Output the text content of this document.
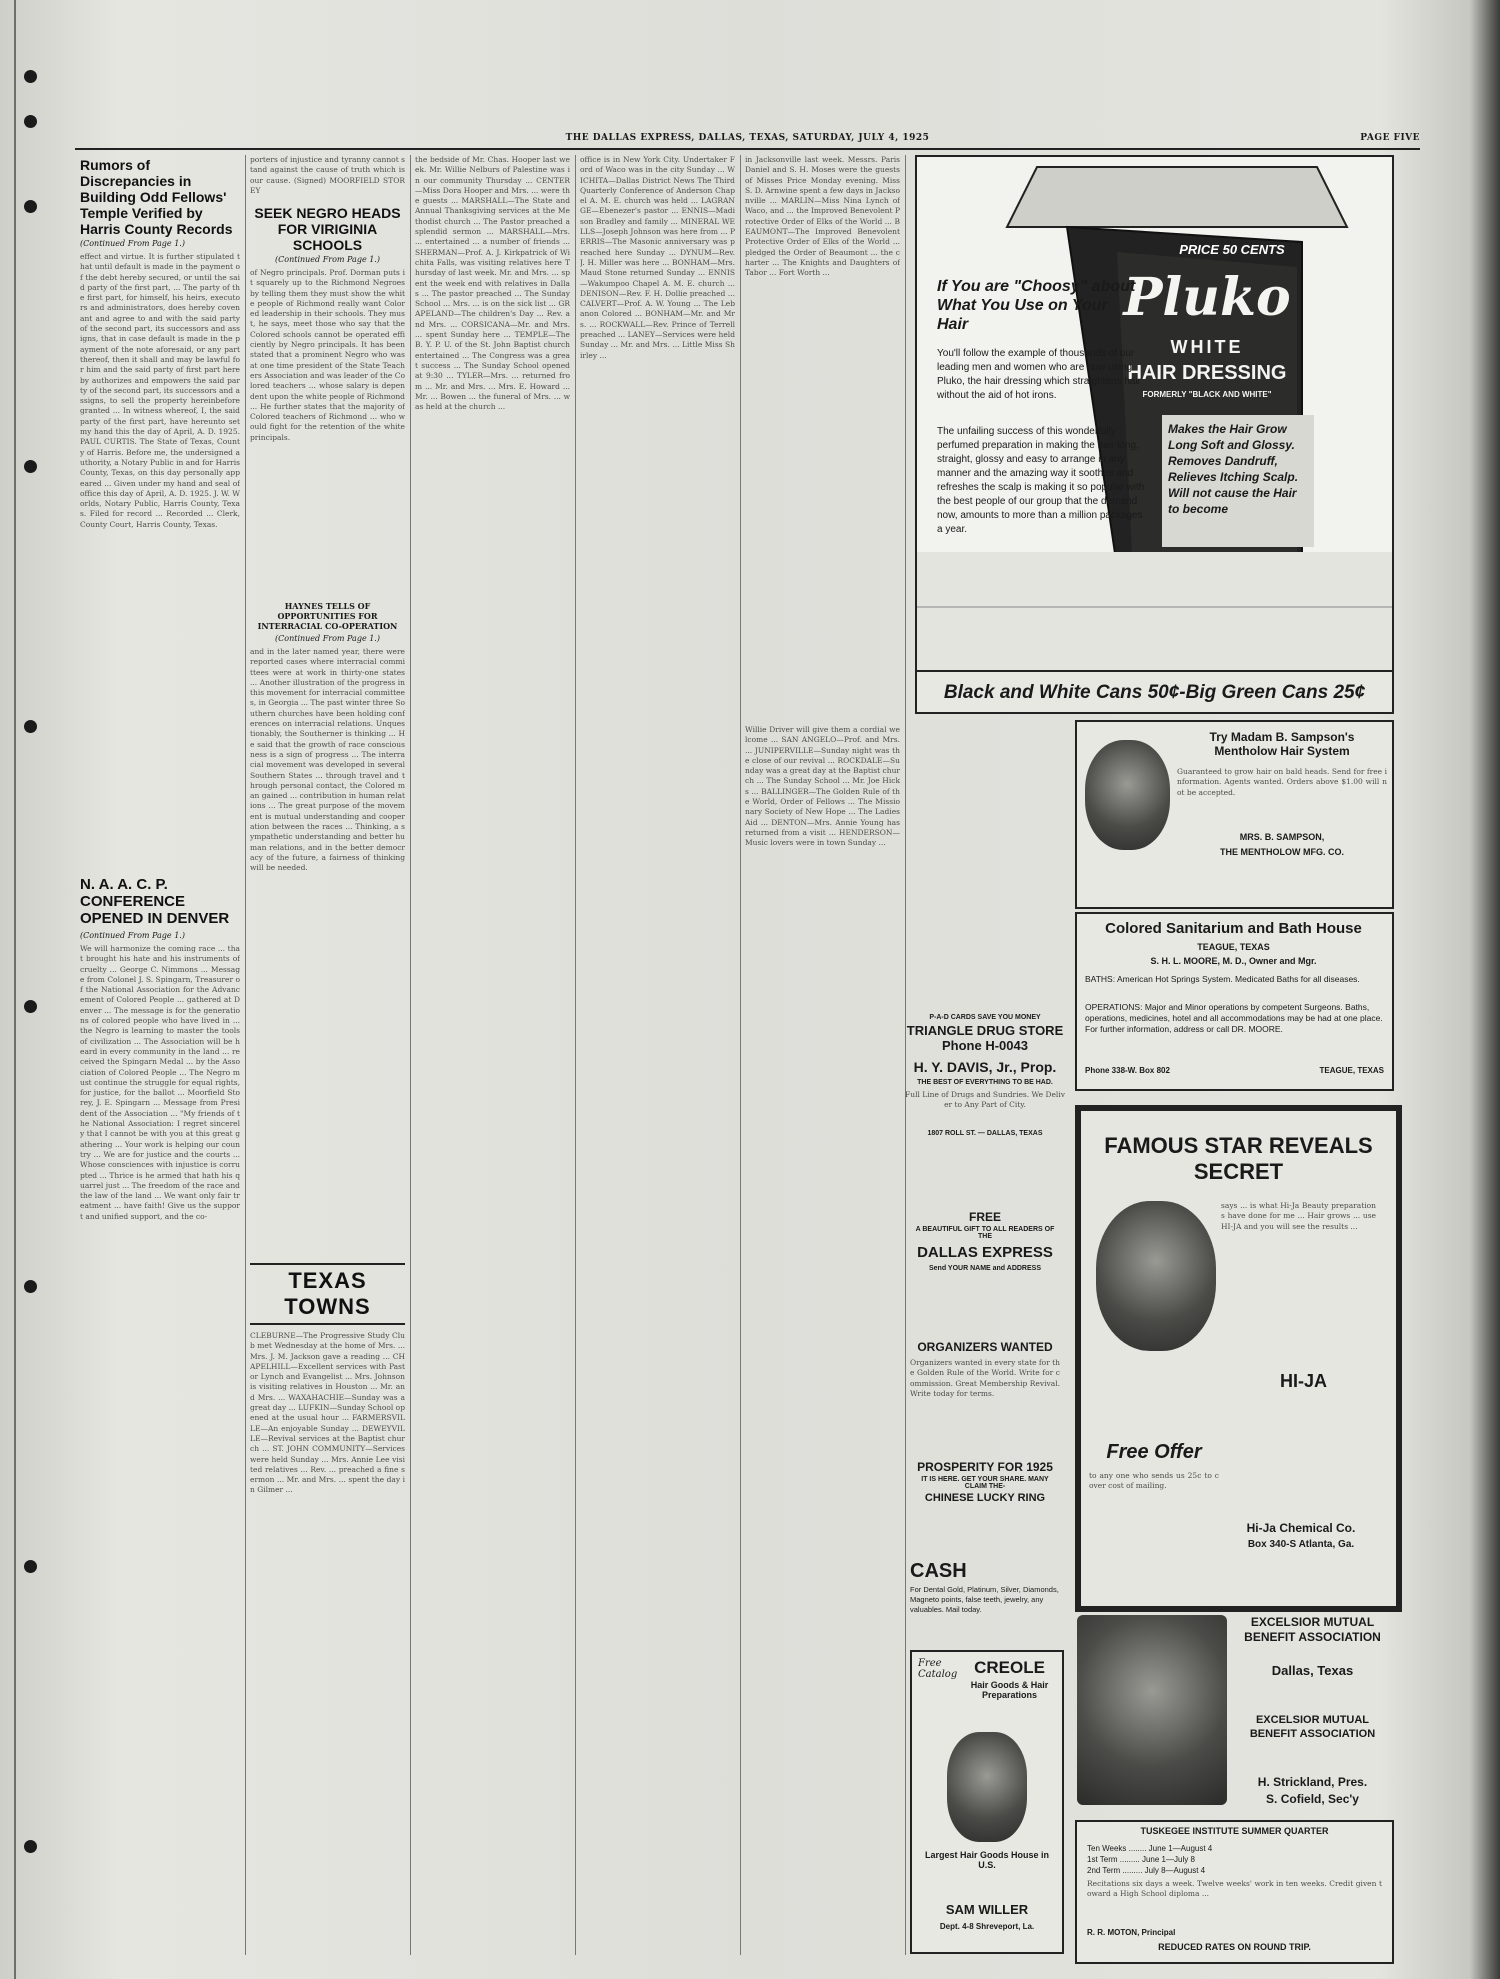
THE DALLAS EXPRESS, DALLAS, TEXAS, SATURDAY, JULY 4, 1925	PAGE FIVE
Rumors of Discrepancies in Building Odd Fellows' Temple Verified by Harris County Records
(Continued From Page 1.)
effect and virtue. It is further stipulated that until default is made in the payment of the debt hereby secured, or until the said party of the first part, ... The party of the first part, for himself, his heirs, executors and administrators, does hereby covenant and agree to and with the said party of the second part, its successors and assigns, that in case default is made in the payment of the note aforesaid, or any part thereof, then it shall and may be lawful for him and the said party of first part hereby authorizes and empowers the said party of the second part, its successors and assigns, to sell the property hereinbefore granted ... In witness whereof, I, the said party of the first part, have hereunto set my hand this the day of April, A. D. 1925. PAUL CURTIS. The State of Texas, County of Harris. Before me, the undersigned authority, a Notary Public in and for Harris County, Texas, on this day personally appeared ... Given under my hand and seal of office this day of April, A. D. 1925. J. W. Worlds, Notary Public, Harris County, Texas. Filed for record ... Recorded ... Clerk, County Court, Harris County, Texas.
N. A. A. C. P. CONFERENCE OPENED IN DENVER
(Continued From Page 1.)
We will harmonize the coming race ... that brought his hate and his instruments of cruelty ... George C. Nimmons ... Message from Colonel J. S. Spingarn, Treasurer of the National Association for the Advancement of Colored People ... gathered at Denver ... The message is for the generations of colored people who have lived in ... the Negro is learning to master the tools of civilization ... The Association will be heard in every community in the land ... received the Spingarn Medal ... by the Association of Colored People ... The Negro must continue the struggle for equal rights, for justice, for the ballot ... Moorfield Storey, J. E. Spingarn ... Message from President of the Association ... "My friends of the National Association: I regret sincerely that I cannot be with you at this great gathering ... Your work is helping our country ... We are for justice and the courts ... Whose consciences with injustice is corrupted ... Thrice is he armed that hath his quarrel just ... The freedom of the race and the law of the land ... We want only fair treatment ... have faith! Give us the support and unified support, and the co-
porters of injustice and tyranny cannot stand against the cause of truth which is our cause. (Signed) MOORFIELD STOREY
SEEK NEGRO HEADS FOR VIRIGINIA SCHOOLS
(Continued From Page 1.)
of Negro principals. Prof. Dorman puts it squarely up to the Richmond Negroes by telling them they must show the white people of Richmond really want Colored leadership in their schools. They must, he says, meet those who say that the Colored schools cannot be operated efficiently by Negro principals. It has been stated that a prominent Negro who was at one time president of the State Teachers Association and was leader of the Colored teachers ... whose salary is dependent upon the white people of Richmond ... He further states that the majority of Colored teachers of Richmond ... who would fight for the retention of the white principals.
HAYNES TELLS OF OPPORTUNITIES FOR INTERRACIAL CO-OPERATION
(Continued From Page 1.)
and in the later named year, there were reported cases where interracial committees were at work in thirty-one states ... Another illustration of the progress in this movement for interracial committees, in Georgia ... The past winter three Southern churches have been holding conferences on interracial relations. Unquestionably, the Southerner is thinking ... He said that the growth of race consciousness is a sign of progress ... The interracial movement was developed in several Southern States ... through travel and through personal contact, the Colored man gained ... contribution in human relations ... The great purpose of the movement is mutual understanding and cooperation between the races ... Thinking, a sympathetic understanding and better human relations, and in the better democracy of the future, a fairness of thinking will be needed.
TEXAS TOWNS
CLEBURNE—The Progressive Study Club met Wednesday at the home of Mrs. ... Mrs. J. M. Jackson gave a reading ... CHAPELHILL—Excellent services with Pastor Lynch and Evangelist ... Mrs. Johnson is visiting relatives in Houston ... Mr. and Mrs. ... WAXAHACHIE—Sunday was a great day ... LUFKIN—Sunday School opened at the usual hour ... FARMERSVILLE—An enjoyable Sunday ... DEWEYVILLE—Revival services at the Baptist church ... ST. JOHN COMMUNITY—Services were held Sunday ... Mrs. Annie Lee visited relatives ... Rev. ... preached a fine sermon ... Mr. and Mrs. ... spent the day in Gilmer ...
the bedside of Mr. Chas. Hooper last week. Mr. Willie Nelburs of Palestine was in our community Thursday ... CENTER—Miss Dora Hooper and Mrs. ... were the guests ... MARSHALL—The State and Annual Thanksgiving services at the Methodist church ... The Pastor preached a splendid sermon ... MARSHALL—Mrs. ... entertained ... a number of friends ... SHERMAN—Prof. A. J. Kirkpatrick of Wichita Falls, was visiting relatives here Thursday of last week. Mr. and Mrs. ... spent the week end with relatives in Dallas ... The pastor preached ... The Sunday School ... Mrs. ... is on the sick list ... GRAPELAND—The children's Day ... Rev. and Mrs. ... CORSICANA—Mr. and Mrs. ... spent Sunday here ... TEMPLE—The B. Y. P. U. of the St. John Baptist church entertained ... The Congress was a great success ... The Sunday School opened at 9:30 ... TYLER—Mrs. ... returned from ... Mr. and Mrs. ... Mrs. E. Howard ... Mr. ... Bowen ... the funeral of Mrs. ... was held at the church ...
office is in New York City. Undertaker Ford of Waco was in the city Sunday ... WICHITA—Dallas District News The Third Quarterly Conference of Anderson Chapel A. M. E. church was held ... LAGRANGE—Ebenezer's pastor ... ENNIS—Madison Bradley and family ... MINERAL WELLS—Joseph Johnson was here from ... PERRIS—The Masonic anniversary was preached here Sunday ... DYNUM—Rev. J. H. Miller was here ... BONHAM—Mrs. Maud Stone returned Sunday ... ENNIS—Wakumpoo Chapel A. M. E. church ... DENISON—Rev. F. H. Dollie preached ... CALVERT—Prof. A. W. Young ... The Lebanon Colored ... BONHAM—Mr. and Mrs. ... ROCKWALL—Rev. Prince of Terrell preached ... LANEY—Services were held Sunday ... Mr. and Mrs. ... Little Miss Shirley ...
in Jacksonville last week. Messrs. Paris Daniel and S. H. Moses were the guests of Misses Price Monday evening. Miss S. D. Arnwine spent a few days in Jacksonville ... MARLIN—Miss Nina Lynch of Waco, and ... the Improved Benevolent Protective Order of Elks of the World ... BEAUMONT—The Improved Benevolent Protective Order of Elks of the World ... pledged the Order of Beaumont ... the charter ... The Knights and Daughters of Tabor ... Fort Worth ...
Willie Driver will give them a cordial welcome ... SAN ANGELO—Prof. and Mrs. ... JUNIPERVILLE—Sunday night was the close of our revival ... ROCKDALE—Sunday was a great day at the Baptist church ... The Sunday School ... Mr. Joe Hicks ... BALLINGER—The Golden Rule of the World, Order of Fellows ... The Missionary Society of New Hope ... The Ladies Aid ... DENTON—Mrs. Annie Young has returned from a visit ... HENDERSON—Music lovers were in town Sunday ...
PRICE 50 CENTS
Pluko
WHITE
HAIR DRESSING
FORMERLY "BLACK AND WHITE"
Makes the Hair Grow Long Soft and Glossy. Removes Dandruff, Relieves Itching Scalp. Will not cause the Hair to become
If You are "Choosy" about What You Use on Your Hair
You'll follow the example of thousands of our leading men and women who are now using Pluko, the hair dressing which straightens hair without the aid of hot irons.
The unfailing success of this wonderfully perfumed preparation in making the hair long, straight, glossy and easy to arrange in any manner and the amazing way it soothes and refreshes the scalp is making it so popular with the best people of our group that the demand now, amounts to more than a million packages a year.
Black and White Cans 50¢-Big Green Cans 25¢
Try Madam B. Sampson's Mentholow Hair System
Guaranteed to grow hair on bald heads. Send for free information. Agents wanted. Orders above $1.00 will not be accepted.
MRS. B. SAMPSON,
THE MENTHOLOW MFG. CO.
Colored Sanitarium and Bath House
TEAGUE, TEXAS
S. H. L. MOORE, M. D., Owner and Mgr.
BATHS: American Hot Springs System. Medicated Baths for all diseases.
OPERATIONS: Major and Minor operations by competent Surgeons. Baths, operations, medicines, hotel and all accommodations may be had at one place. For further information, address or call DR. MOORE.
Phone 338-W. Box 802	TEAGUE, TEXAS
P-A-D CARDS SAVE YOU MONEY
TRIANGLE DRUG STORE
Phone H-0043
H. Y. DAVIS, Jr., Prop.
THE BEST OF EVERYTHING TO BE HAD.
Full Line of Drugs and Sundries. We Deliver to Any Part of City.
1807 ROLL ST. — DALLAS, TEXAS
FREE
A BEAUTIFUL GIFT TO ALL READERS OF THE
DALLAS EXPRESS
Send YOUR NAME and ADDRESS
ORGANIZERS WANTED
Organizers wanted in every state for the Golden Rule of the World. Write for commission. Great Membership Revival. Write today for terms.
PROSPERITY FOR 1925
IT IS HERE. GET YOUR SHARE. MANY CLAIM THE-
CHINESE LUCKY RING
CASH
For Dental Gold, Platinum, Silver, Diamonds, Magneto points, false teeth, jewelry, any valuables. Mail today.
Free Catalog CREOLE
Hair Goods & Hair Preparations
Largest Hair Goods House in U.S.
SAM WILLER
Dept. 4-8 Shreveport, La.
FAMOUS STAR REVEALS SECRET
says ... is what Hi-Ja Beauty preparations have done for me ... Hair grows ... use HI-JA and you will see the results ...
HI-JA
Free Offer
to any one who sends us 25c to cover cost of mailing.
Hi-Ja Chemical Co.
Box 340-S Atlanta, Ga.
EXCELSIOR MUTUAL BENEFIT ASSOCIATION
Dallas, Texas
EXCELSIOR MUTUAL BENEFIT ASSOCIATION
H. Strickland, Pres.
S. Cofield, Sec'y
TUSKEGEE INSTITUTE SUMMER QUARTER
Ten Weeks ........ June 1—August 4
1st Term ......... June 1—July 8
2nd Term ......... July 8—August 4
Recitations six days a week. Twelve weeks' work in ten weeks. Credit given toward a High School diploma ...
R. R. MOTON, Principal
REDUCED RATES ON ROUND TRIP.
